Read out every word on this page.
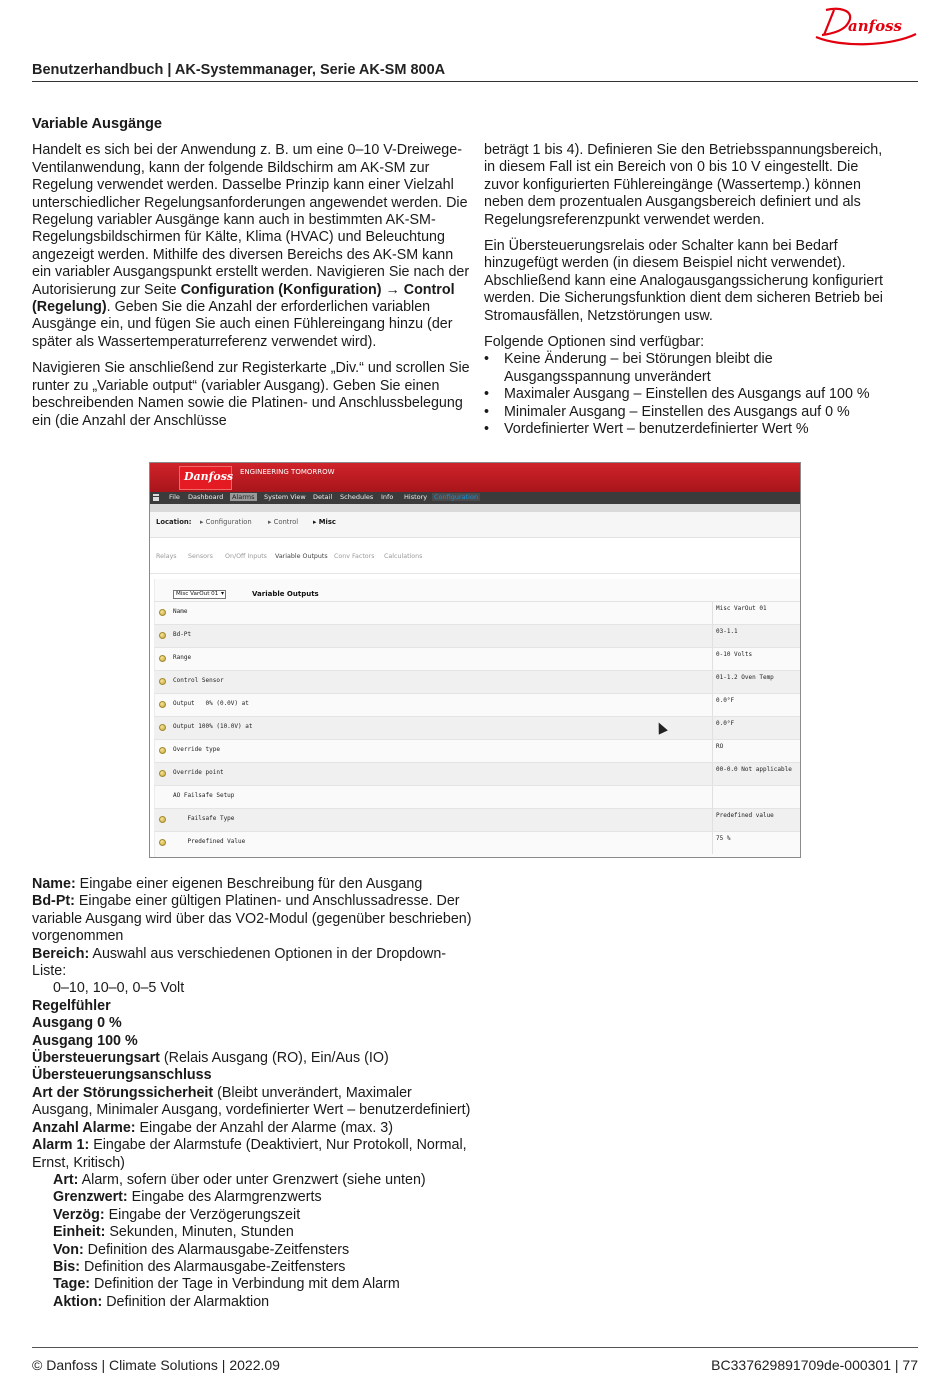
anfoss
Benutzerhandbuch | AK-Systemmanager, Serie AK-SM 800A
Variable Ausgänge

Handelt es sich bei der Anwendung z. B. um eine 0–10 V-Dreiwege-Ventilanwendung, kann der folgende Bildschirm am AK-SM zur Regelung verwendet werden. Dasselbe Prinzip kann einer Vielzahl unterschiedlicher Regelungsanforderungen angewendet werden. Die Regelung variabler Ausgänge kann auch in bestimmten AK-SM-Regelungsbildschirmen für Kälte, Klima (HVAC) und Beleuchtung angezeigt werden. Mithilfe des diversen Bereichs des AK-SM kann ein variabler Ausgangspunkt erstellt werden. Navigieren Sie nach der Autorisierung zur Seite Configuration (Konfiguration) → Control (Regelung). Geben Sie die Anzahl der erforderlichen variablen Ausgänge ein, und fügen Sie auch einen Fühlereingang hinzu (der später als Wassertemperaturreferenz verwendet wird).

Navigieren Sie anschließend zur Registerkarte „Div.“ und scrollen Sie runter zu „Variable output“ (variabler Ausgang). Geben Sie einen beschreibenden Namen sowie die Platinen- und Anschlussbelegung ein (die Anzahl der Anschlüsse

beträgt 1 bis 4). Definieren Sie den Betriebsspannungsbereich, in diesem Fall ist ein Bereich von 0 bis 10 V eingestellt. Die zuvor konfigurierten Fühlereingänge (Wassertemp.) können neben dem prozentualen Ausgangsbereich definiert und als Regelungsreferenzpunkt verwendet werden.

Ein Übersteuerungsrelais oder Schalter kann bei Bedarf hinzugefügt werden (in diesem Beispiel nicht verwendet). Abschließend kann eine Analogausgangssicherung konfiguriert werden. Die Sicherungsfunktion dient dem sicheren Betrieb bei Stromausfällen, Netzstörungen usw.

Folgende Optionen sind verfügbar:

• Keine Änderung – bei Störungen bleibt die Ausgangsspannung unverändert
• Maximaler Ausgang – Einstellen des Ausgangs auf 100 %
• Minimaler Ausgang – Einstellen des Ausgangs auf 0 %
• Vordefinierter Wert – benutzerdefinierter Wert %
Danfoss ENGINEERING TOMORROW
File Dashboard	Alarms	System View Detail Schedules Info History	Configuration
Location: ▸ Configuration ▸ Control ▸ Misc
Relays Sensors On/Off Inputs Variable Outputs Conv Factors Calculations
Misc VarOut 01 ▾	Variable Outputs
Name	Misc VarOut 01
Bd-Pt	03-1.1
Range	0-10 Volts
Control Sensor	01-1.2 Oven Temp
Output   0% (0.0V) at	0.0°F
Output 100% (10.0V) at	0.0°F
Override type	RO
Override point	00-0.0 Not applicable
AO Failsafe Setup
Failsafe Type	Predefined value
Predefined Value	75 %
Name: Eingabe einer eigenen Beschreibung für den Ausgang
Bd-Pt: Eingabe einer gültigen Platinen- und Anschlussadresse. Der variable Ausgang wird über das VO2-Modul (gegenüber beschrieben) vorgenommen
Bereich: Auswahl aus verschiedenen Optionen in der Dropdown-Liste:
0–10, 10–0, 0–5 Volt
Regelfühler
Ausgang 0 %
Ausgang 100 %
Übersteuerungsart (Relais Ausgang (RO), Ein/Aus (IO)
Übersteuerungsanschluss
Art der Störungssicherheit (Bleibt unverändert, Maximaler Ausgang, Minimaler Ausgang, vordefinierter Wert – benutzerdefiniert)
Anzahl Alarme: Eingabe der Anzahl der Alarme (max. 3)
Alarm 1: Eingabe der Alarmstufe (Deaktiviert, Nur Protokoll, Normal, Ernst, Kritisch)
Art: Alarm, sofern über oder unter Grenzwert (siehe unten)
Grenzwert: Eingabe des Alarmgrenzwerts
Verzög: Eingabe der Verzögerungszeit
Einheit: Sekunden, Minuten, Stunden
Von: Definition des Alarmausgabe-Zeitfensters
Bis: Definition des Alarmausgabe-Zeitfensters
Tage: Definition der Tage in Verbindung mit dem Alarm
Aktion: Definition der Alarmaktion
© Danfoss | Climate Solutions | 2022.09	BC337629891709de-000301 | 77
